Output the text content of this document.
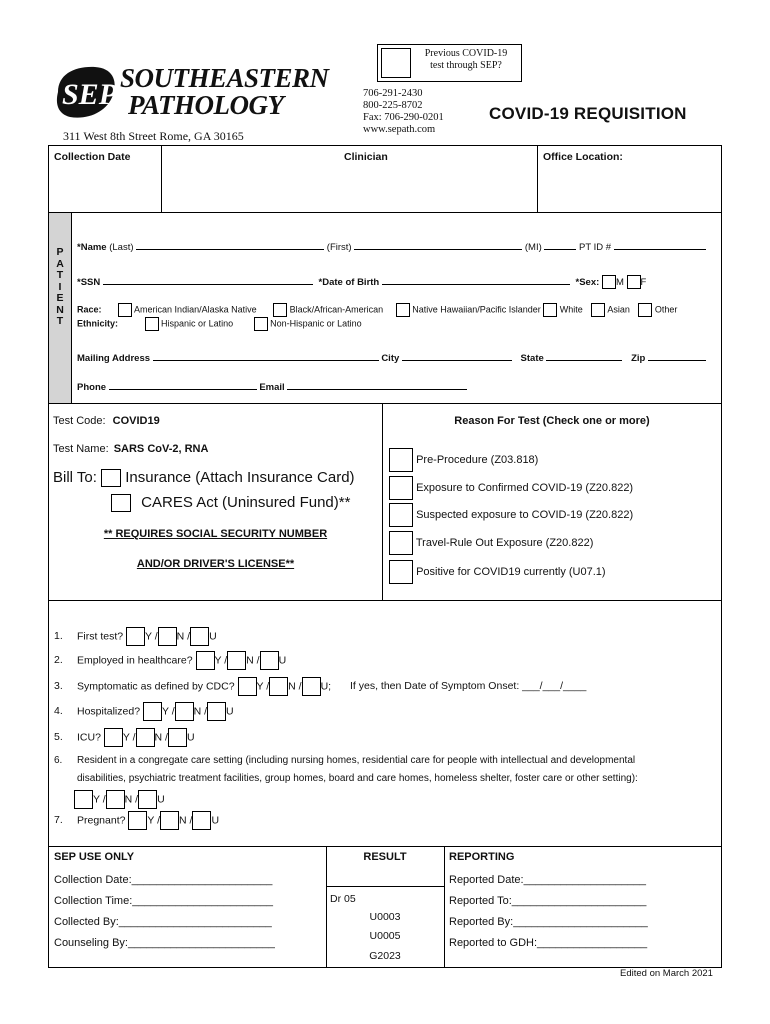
SEP SOUTHEASTERN
PATHOLOGY
311 West 8th Street Rome, GA 30165
Previous COVID-19
test through SEP?
706-291-2430
800-225-8702
Fax: 706-290-0201
www.sepath.com
COVID-19 REQUISITION
Collection Date	Clinician	Office Location:
P
A
T
I
E
N
T
*Name (Last)	(First)	(MI)	PT ID #
*SSN	*Date of Birth	*Sex: M F
Race:	American Indian/Alaska Native	Black/African-American	Native Hawaiian/Pacific Islander White	Asian	Other
Ethnicity:	Hispanic or Latino	Non-Hispanic or Latino
Mailing Address	City	State	Zip
Phone	Email
Test Code: COVID19
Test Name: SARS CoV-2, RNA
Bill To: Insurance (Attach Insurance Card)
CARES Act (Uninsured Fund)**
** REQUIRES SOCIAL SECURITY NUMBER
AND/OR DRIVER'S LICENSE**
Reason For Test (Check one or more)
Pre-Procedure (Z03.818)
Exposure to Confirmed COVID-19 (Z20.822)
Suspected exposure to COVID-19 (Z20.822)
Travel-Rule Out Exposure (Z20.822)
Positive for COVID19 currently (U07.1)
1. First test? Y / N / U
2. Employed in healthcare? Y / N / U
3. Symptomatic as defined by CDC? Y / N / U; If yes, then Date of Symptom Onset: ___/___/____
4. Hospitalized? Y / N / U
5. ICU? Y / N / U
6. Resident in a congregate care setting (including nursing homes, residential care for people with intellectual and developmental
disabilities, psychiatric treatment facilities, group homes, board and care homes, homeless shelter, foster care or other setting):
Y / N / U
7. Pregnant? Y / N / U
SEP USE ONLY
Collection Date:_______________________
Collection Time:_______________________
Collected By:_________________________
Counseling By:________________________
RESULT
Dr 05
U0003
U0005
G2023
REPORTING
Reported Date:____________________
Reported To:______________________
Reported By:______________________
Reported to GDH:__________________
Edited on March 2021
